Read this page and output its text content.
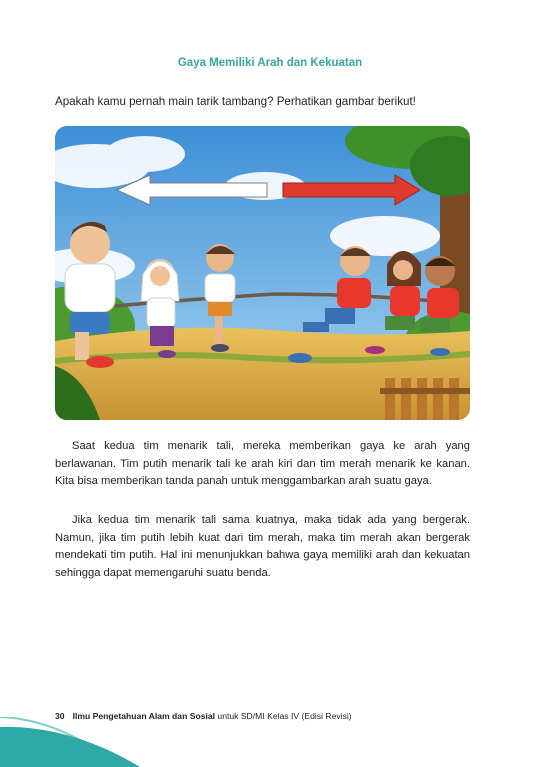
Gaya Memiliki Arah dan Kekuatan
Apakah kamu pernah main tarik tambang? Perhatikan gambar berikut!

Saat kedua tim menarik tali, mereka memberikan gaya ke arah yang berlawanan. Tim putih menarik tali ke arah kiri dan tim merah menarik ke kanan. Kita bisa memberikan tanda panah untuk menggambarkan arah suatu gaya.

Jika kedua tim menarik tali sama kuatnya, maka tidak ada yang bergerak. Namun, jika tim putih lebih kuat dari tim merah, maka tim merah akan bergerak mendekati tim putih. Hal ini menunjukkan bahwa gaya memiliki arah dan kekuatan sehingga dapat memengaruhi suatu benda.

30 Ilmu Pengetahuan Alam dan Sosial untuk SD/MI Kelas IV (Edisi Revisi)
